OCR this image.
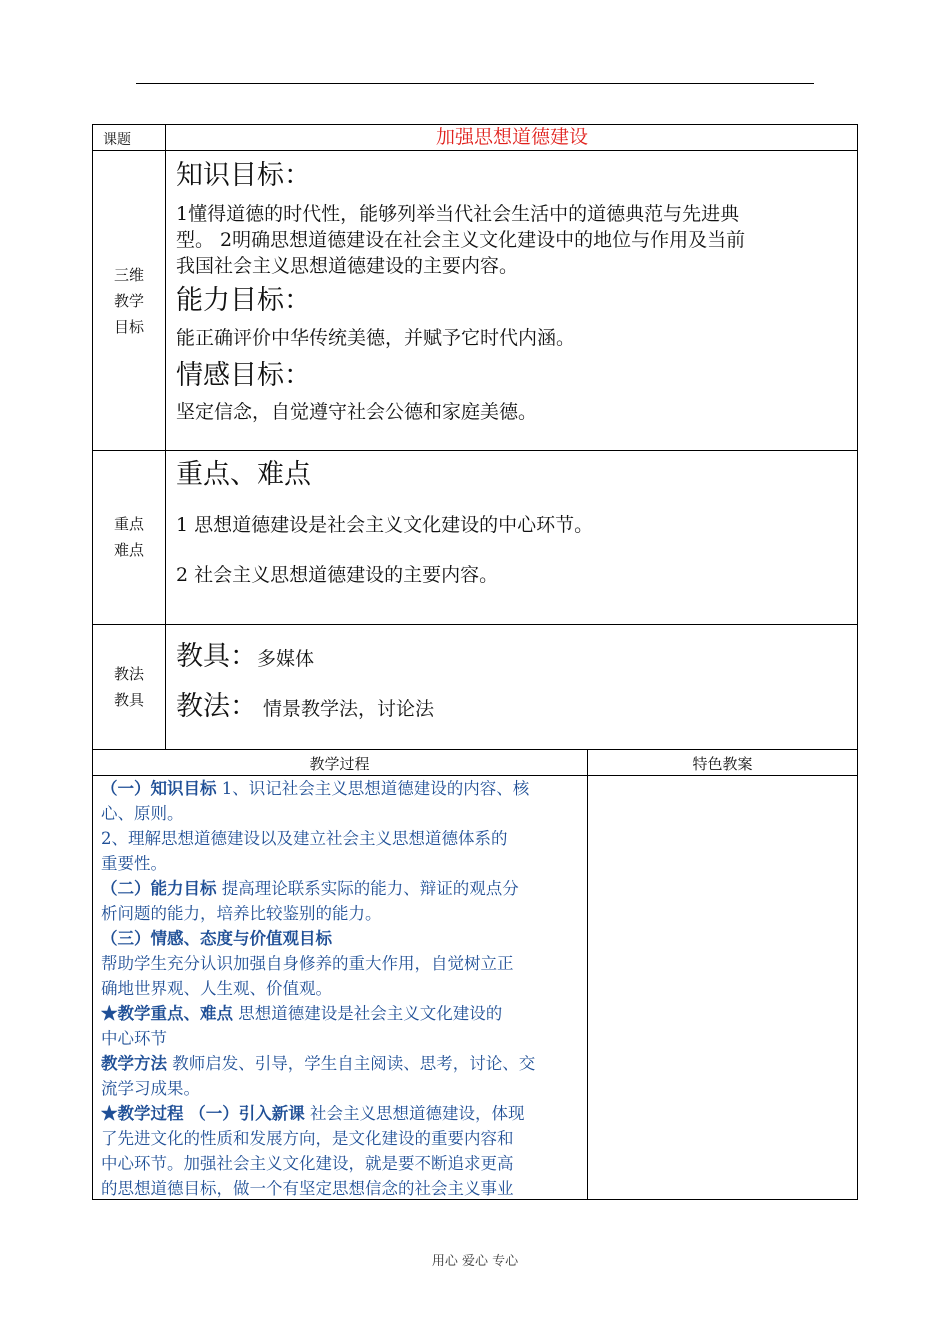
课题	加强思想道德建设
三维
教学
目标
知识目标：
1懂得道德的时代性，能够列举当代社会生活中的道德典范与先进典
型。 2明确思想道德建设在社会主义文化建设中的地位与作用及当前
我国社会主义思想道德建设的主要内容。
能力目标：
能正确评价中华传统美德，并赋予它时代内涵。
情感目标：
坚定信念，自觉遵守社会公德和家庭美德。
重点
难点
重点、难点
1 思想道德建设是社会主义文化建设的中心环节。
2 社会主义思想道德建设的主要内容。
教法
教具
教具：多媒体
教法： 情景教学法，讨论法
教学过程	特色教案
（一）知识目标 1、识记社会主义思想道德建设的内容、核
心、原则。
2、理解思想道德建设以及建立社会主义思想道德体系的
重要性。
（二）能力目标 提高理论联系实际的能力、辩证的观点分
析问题的能力，培养比较鉴别的能力。
（三）情感、态度与价值观目标
帮助学生充分认识加强自身修养的重大作用，自觉树立正
确地世界观、人生观、价值观。
★教学重点、难点 思想道德建设是社会主义文化建设的
中心环节
教学方法 教师启发、引导，学生自主阅读、思考，讨论、交
流学习成果。
★教学过程 （一）引入新课 社会主义思想道德建设，体现
了先进文化的性质和发展方向，是文化建设的重要内容和
中心环节。加强社会主义文化建设，就是要不断追求更高
的思想道德目标，做一个有坚定思想信念的社会主义事业
用心 爱心 专心
